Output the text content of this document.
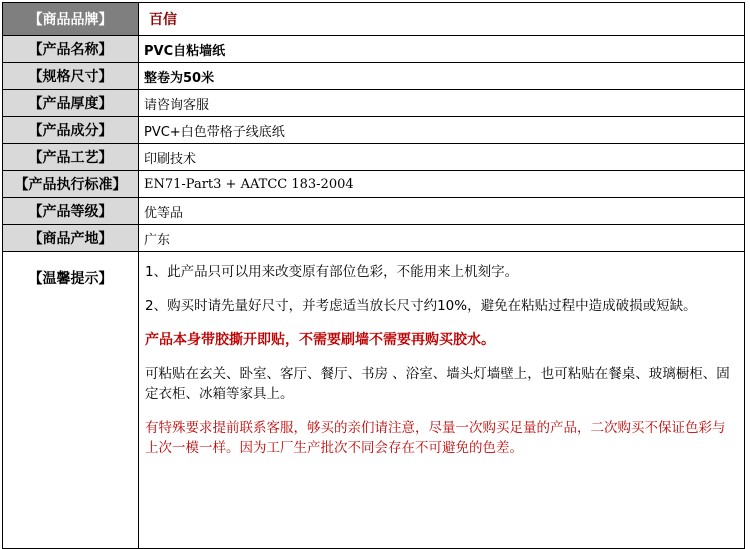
【商品品牌】	百信
【产品名称】	PVC自粘墙纸
【规格尺寸】	整卷为50米
【产品厚度】	请咨询客服
【产品成分】	PVC+白色带格子线底纸
【产品工艺】	印刷技术
【产品执行标准】	EN71-Part3 + AATCC 183-2004
【产品等级】	优等品
【商品产地】	广东
【温馨提示】	1、此产品只可以用来改变原有部位色彩，不能用来上机刻字。

2、购买时请先量好尺寸，并考虑适当放长尺寸约10%，避免在粘贴过程中造成破损或短缺。

产品本身带胶撕开即贴，不需要刷墙不需要再购买胶水。

可粘贴在玄关、卧室、客厅、餐厅、书房 、浴室、墙头灯墙壁上，也可粘贴在餐桌、玻璃橱柜、固定衣柜、冰箱等家具上。

有特殊要求提前联系客服，够买的亲们请注意，尽量一次购买足量的产品，二次购买不保证色彩与上次一模一样。因为工厂生产批次不同会存在不可避免的色差。
